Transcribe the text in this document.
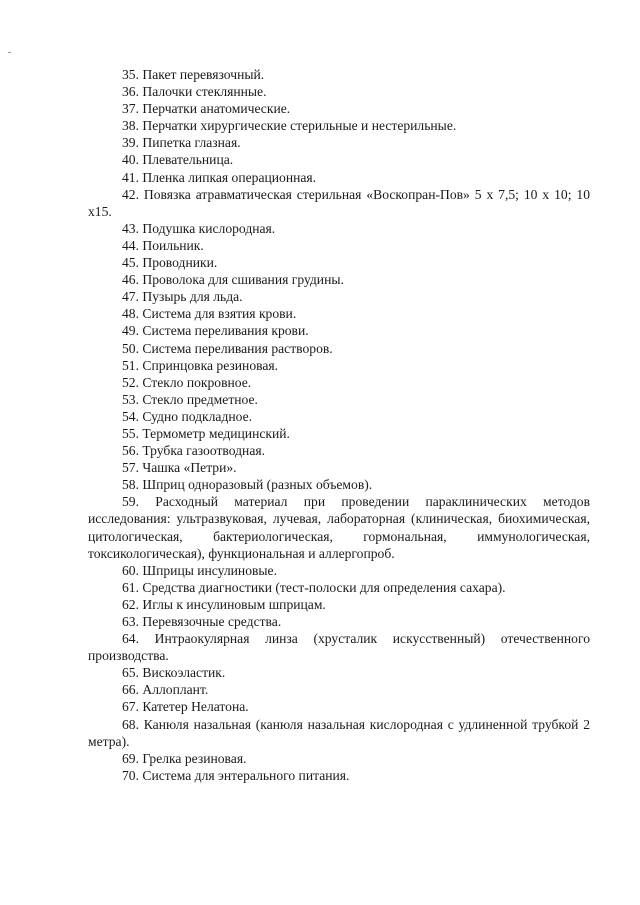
35. Пакет перевязочный.

36. Палочки стеклянные.

37. Перчатки анатомические.

38. Перчатки хирургические стерильные и нестерильные.

39. Пипетка глазная.

40. Плевательница.

41. Пленка липкая операционная.

42. Повязка атравматическая стерильная «Воскопран-Пов» 5 х 7,5; 10 х 10; 10 х15.

43. Подушка кислородная.

44. Поильник.

45. Проводники.

46. Проволока для сшивания грудины.

47. Пузырь для льда.

48. Система для взятия крови.

49. Система переливания крови.

50. Система переливания растворов.

51. Спринцовка резиновая.

52. Стекло покровное.

53. Стекло предметное.

54. Судно подкладное.

55. Термометр медицинский.

56. Трубка газоотводная.

57. Чашка «Петри».

58. Шприц одноразовый (разных объемов).

59. Расходный материал при проведении параклинических методов исследования: ультразвуковая, лучевая, лабораторная (клиническая, биохимическая, цитологическая, бактериологическая, гормональная, иммунологическая, токсикологическая), функциональная и аллергопроб.

60. Шприцы инсулиновые.

61. Средства диагностики (тест-полоски для определения сахара).

62. Иглы к инсулиновым шприцам.

63. Перевязочные средства.

64. Интраокулярная линза (хрусталик искусственный) отечественного производства.

65. Вискоэластик.

66. Аллоплант.

67. Катетер Нелатона.

68. Канюля назальная (канюля назальная кислородная с удлиненной трубкой 2 метра).

69. Грелка резиновая.

70. Система для энтерального питания.
